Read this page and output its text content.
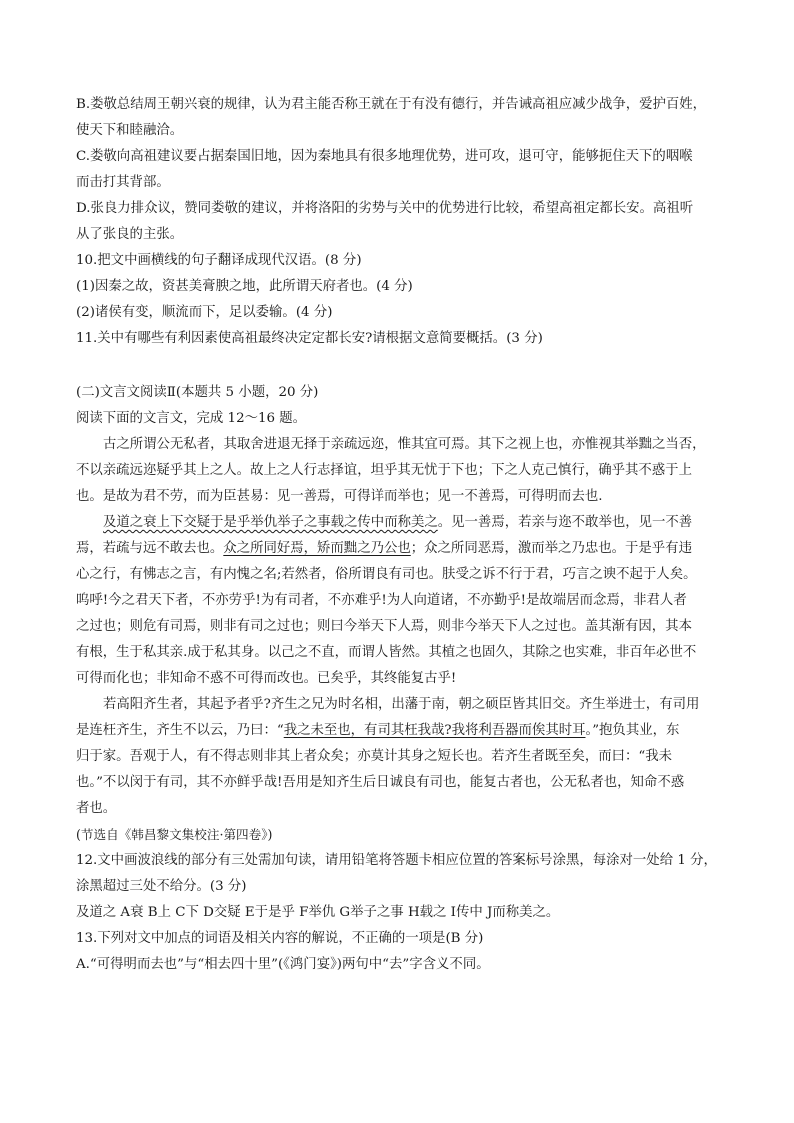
B.娄敬总结周王朝兴衰的规律，认为君主能否称王就在于有没有德行，并告诫高祖应减少战争，爱护百姓，

使天下和睦融洽。

C.娄敬向高祖建议要占据秦国旧地，因为秦地具有很多地理优势，进可攻，退可守，能够扼住天下的咽喉

而击打其背部。

D.张良力排众议，赞同娄敬的建议，并将洛阳的劣势与关中的优势进行比较，希望高祖定都长安。高祖听

从了张良的主张。

10.把文中画横线的句子翻译成现代汉语。(8 分)

(1)因秦之故，资甚美膏腴之地，此所谓天府者也。(4 分)

(2)诸侯有变，顺流而下，足以委输。(4 分)

11.关中有哪些有利因素使高祖最终决定定都长安?请根据文意简要概括。(3 分)

(二)文言文阅读Ⅱ(本题共 5 小题，20 分)

阅读下面的文言文，完成 12～16 题。

古之所谓公无私者，其取舍进退无择于亲疏远迩，惟其宜可焉。其下之视上也，亦惟视其举黜之当否，

不以亲疏远迩疑乎其上之人。故上之人行志择谊，坦乎其无忧于下也；下之人克己慎行，确乎其不惑于上

也。是故为君不劳，而为臣甚易：见一善焉，可得详而举也；见一不善焉，可得明而去也.

及道之衰上下交疑于是乎举仇举子之事载之传中而称美之。见一善焉，若亲与迩不敢举也，见一不善

焉，若疏与远不敢去也。众之所同好焉，矫而黜之乃公也；众之所同恶焉，激而举之乃忠也。于是乎有违

心之行，有怫志之言，有内愧之名;若然者，俗所谓良有司也。肤受之诉不行于君，巧言之谀不起于人矣。

呜呼!今之君天下者，不亦劳乎!为有司者，不亦难乎!为人向道诸，不亦勤乎!是故端居而念焉，非君人者

之过也；则危有司焉，则非有司之过也；则曰今举天下人焉，则非今举天下人之过也。盖其渐有因，其本

有根，生于私其亲.成于私其身。以己之不直，而谓人皆然。其植之也固久，其除之也实难，非百年必世不

可得而化也；非知命不惑不可得而改也。已矣乎，其终能复古乎!

若高阳齐生者，其起予者乎?齐生之兄为时名相，出藩于南，朝之硕臣皆其旧交。齐生举进士，有司用

是连枉齐生，齐生不以云，乃曰：“我之未至也，有司其枉我哉?我将利吾器而俟其时耳。”抱负其业，东

归于家。吾观于人，有不得志则非其上者众矣；亦莫计其身之短长也。若齐生者既至矣，而曰：“我未

也。”不以闵于有司，其不亦鲜乎哉!吾用是知齐生后日诚良有司也，能复古者也，公无私者也，知命不惑

者也。

(节选自《韩昌黎文集校注·第四卷》)

12.文中画波浪线的部分有三处需加句读，请用铅笔将答题卡相应位置的答案标号涂黑，每涂对一处给 1 分，

涂黑超过三处不给分。(3 分)

及道之 A衰 B上 C下 D交疑 E于是乎 F举仇 G举子之事 H载之 I传中 J而称美之。

13.下列对文中加点的词语及相关内容的解说，不正确的一项是(B 分)

A.“可得明而去也”与“相去四十里”(《鸿门宴》)两句中“去”字含义不同。
